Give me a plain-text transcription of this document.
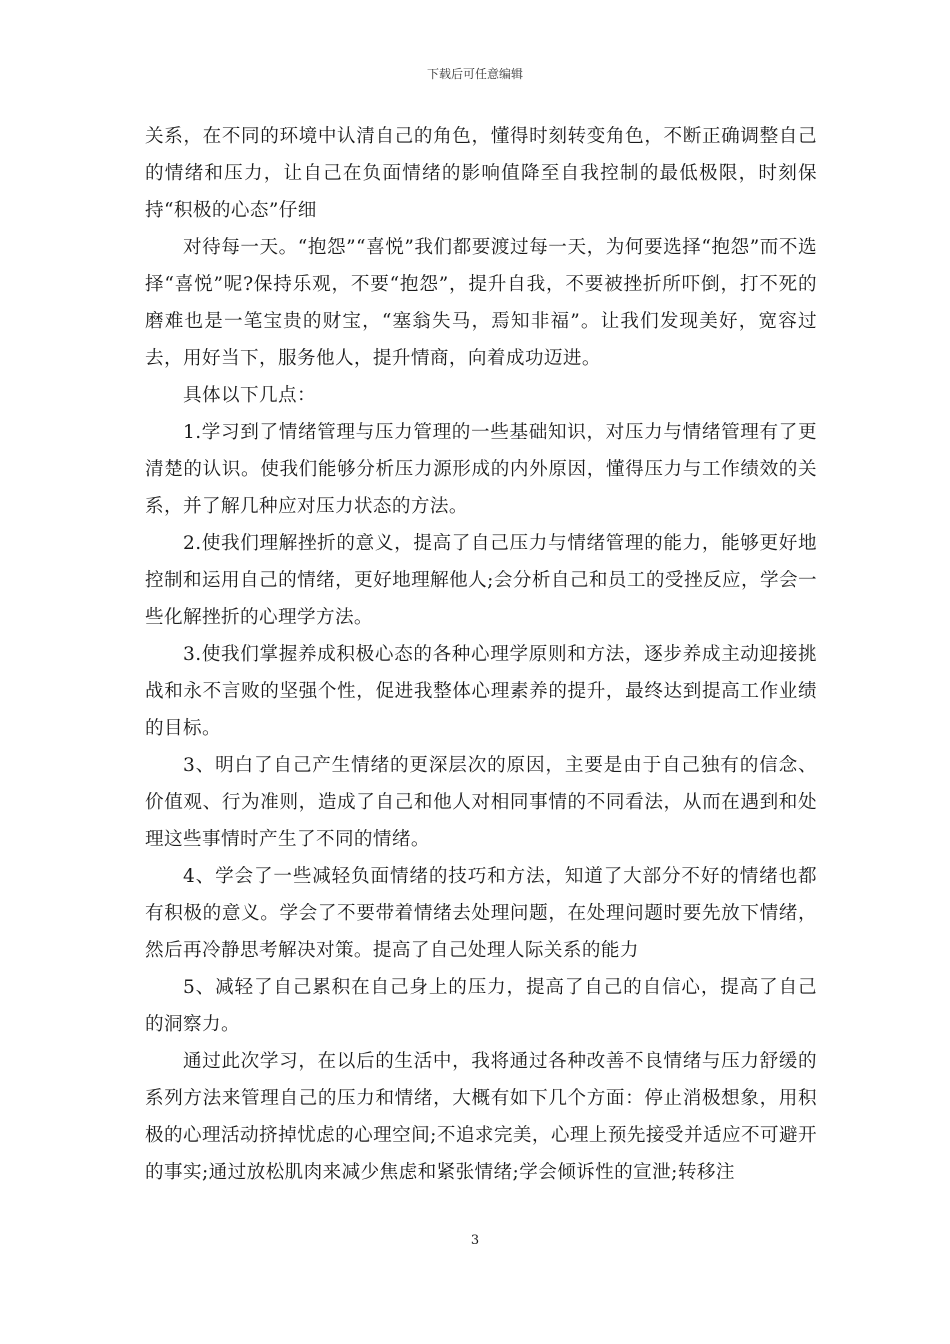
下载后可任意编辑

关系，在不同的环境中认清自己的角色，懂得时刻转变角色，不断正确调整自己的情绪和压力，让自己在负面情绪的影响值降至自我控制的最低极限，时刻保持“积极的心态”仔细

对待每一天。“抱怨”“喜悦”我们都要渡过每一天，为何要选择“抱怨”而不选择“喜悦”呢?保持乐观，不要“抱怨”，提升自我，不要被挫折所吓倒，打不死的磨难也是一笔宝贵的财宝，“塞翁失马，焉知非福”。让我们发现美好，宽容过去，用好当下，服务他人，提升情商，向着成功迈进。

具体以下几点：

1.学习到了情绪管理与压力管理的一些基础知识，对压力与情绪管理有了更清楚的认识。使我们能够分析压力源形成的内外原因，懂得压力与工作绩效的关系，并了解几种应对压力状态的方法。

2.使我们理解挫折的意义，提高了自己压力与情绪管理的能力，能够更好地控制和运用自己的情绪，更好地理解他人;会分析自己和员工的受挫反应，学会一些化解挫折的心理学方法。

3.使我们掌握养成积极心态的各种心理学原则和方法，逐步养成主动迎接挑战和永不言败的坚强个性，促进我整体心理素养的提升，最终达到提高工作业绩的目标。

3、明白了自己产生情绪的更深层次的原因，主要是由于自己独有的信念、价值观、行为准则，造成了自己和他人对相同事情的不同看法，从而在遇到和处理这些事情时产生了不同的情绪。

4、学会了一些减轻负面情绪的技巧和方法，知道了大部分不好的情绪也都有积极的意义。学会了不要带着情绪去处理问题，在处理问题时要先放下情绪，然后再冷静思考解决对策。提高了自己处理人际关系的能力

5、减轻了自己累积在自己身上的压力，提高了自己的自信心，提高了自己的洞察力。

通过此次学习，在以后的生活中，我将通过各种改善不良情绪与压力舒缓的系列方法来管理自己的压力和情绪，大概有如下几个方面：停止消极想象，用积极的心理活动挤掉忧虑的心理空间;不追求完美，心理上预先接受并适应不可避开的事实;通过放松肌肉来减少焦虑和紧张情绪;学会倾诉性的宣泄;转移注

3
